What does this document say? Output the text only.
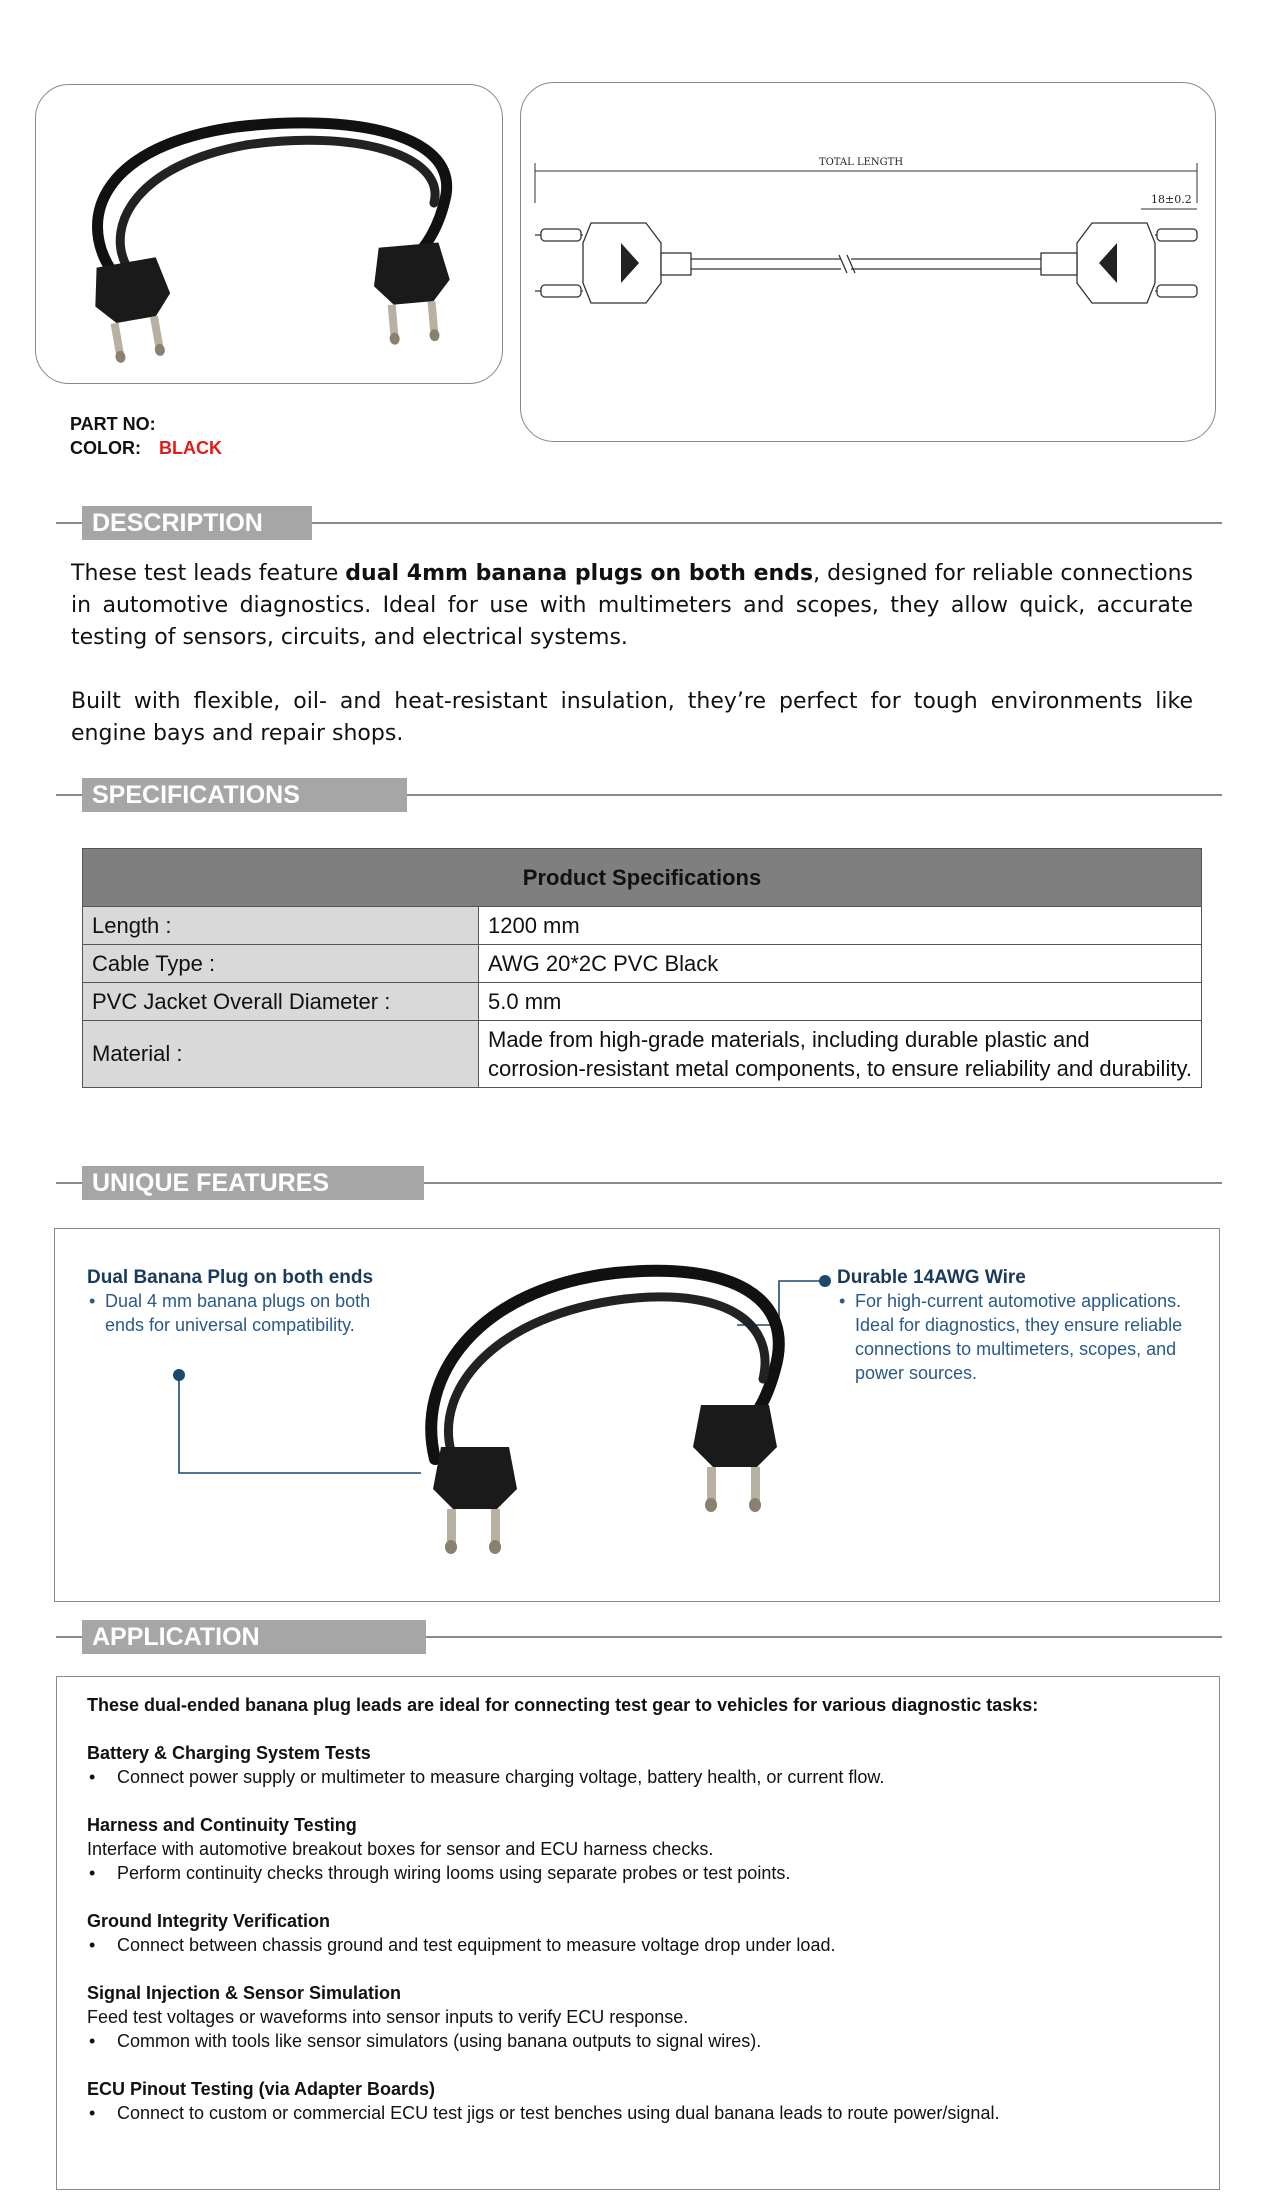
TOTAL LENGTH
18±0.2
PART NO:
COLOR: BLACK
DESCRIPTION
These test leads feature dual 4mm banana plugs on both ends, designed for reliable connections in automotive diagnostics. Ideal for use with multimeters and scopes, they allow quick, accurate testing of sensors, circuits, and electrical systems.
Built with flexible, oil- and heat-resistant insulation, they’re perfect for tough environments like engine bays and repair shops.
SPECIFICATIONS
Product Specifications	
Length :	1200 mm
Cable Type :	AWG 20*2C PVC Black
PVC Jacket Overall Diameter :	5.0 mm
Material :	Made from high-grade materials, including durable plastic and corrosion-resistant metal components, to ensure reliability and durability.
UNIQUE FEATURES
Dual Banana Plug on both ends
• Dual 4 mm banana plugs on both ends for universal compatibility.
Durable 14AWG Wire
• For high-current automotive applications. Ideal for diagnostics, they ensure reliable connections to multimeters, scopes, and power sources.
APPLICATION
These dual-ended banana plug leads are ideal for connecting test gear to vehicles for various diagnostic tasks:
Battery & Charging System Tests
• Connect power supply or multimeter to measure charging voltage, battery health, or current flow.
Harness and Continuity Testing
Interface with automotive breakout boxes for sensor and ECU harness checks.
• Perform continuity checks through wiring looms using separate probes or test points.
Ground Integrity Verification
• Connect between chassis ground and test equipment to measure voltage drop under load.
Signal Injection & Sensor Simulation
Feed test voltages or waveforms into sensor inputs to verify ECU response.
• Common with tools like sensor simulators (using banana outputs to signal wires).
ECU Pinout Testing (via Adapter Boards)
• Connect to custom or commercial ECU test jigs or test benches using dual banana leads to route power/signal.
